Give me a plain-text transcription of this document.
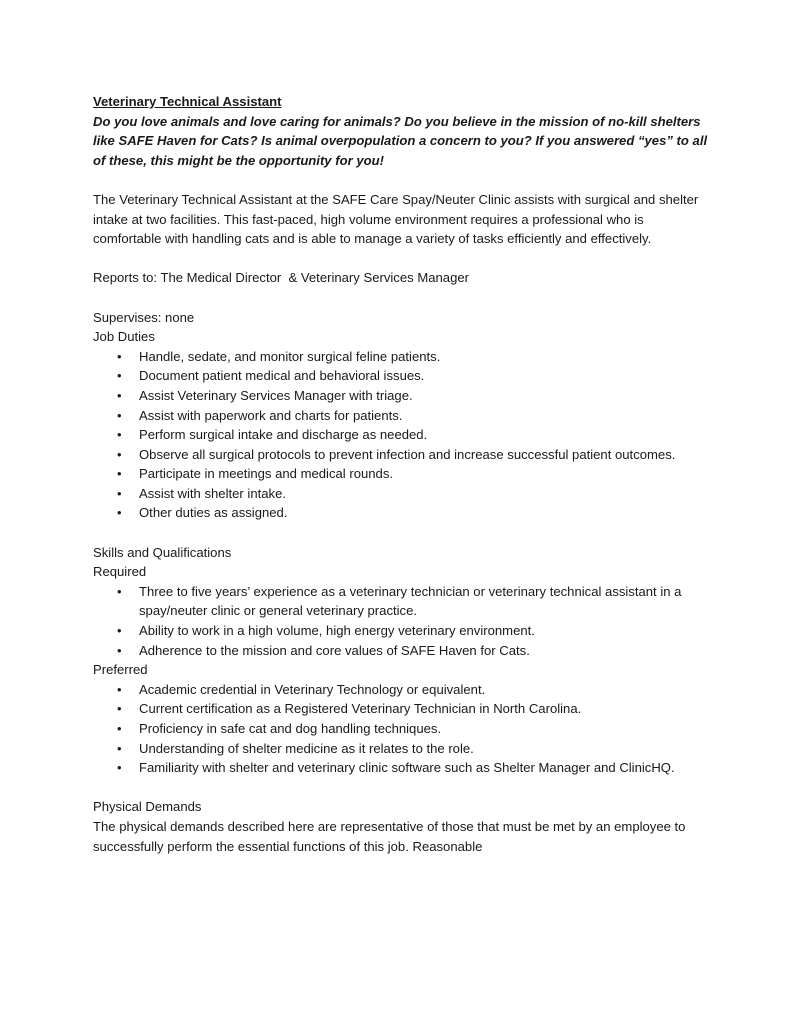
Veterinary Technical Assistant

Do you love animals and love caring for animals? Do you believe in the mission of no-kill shelters like SAFE Haven for Cats? Is animal overpopulation a concern to you? If you answered “yes” to all of these, this might be the opportunity for you!

The Veterinary Technical Assistant at the SAFE Care Spay/Neuter Clinic assists with surgical and shelter intake at two facilities. This fast-paced, high volume environment requires a professional who is comfortable with handling cats and is able to manage a variety of tasks efficiently and effectively.

Reports to: The Medical Director  & Veterinary Services Manager

Supervises: none

Job Duties

• Handle, sedate, and monitor surgical feline patients.
• Document patient medical and behavioral issues.
• Assist Veterinary Services Manager with triage.
• Assist with paperwork and charts for patients.
• Perform surgical intake and discharge as needed.
• Observe all surgical protocols to prevent infection and increase successful patient outcomes.
• Participate in meetings and medical rounds.
• Assist with shelter intake.
• Other duties as assigned.

Skills and Qualifications

Required

• Three to five years’ experience as a veterinary technician or veterinary technical assistant in a spay/neuter clinic or general veterinary practice.
• Ability to work in a high volume, high energy veterinary environment.
• Adherence to the mission and core values of SAFE Haven for Cats.

Preferred

• Academic credential in Veterinary Technology or equivalent.
• Current certification as a Registered Veterinary Technician in North Carolina.
• Proficiency in safe cat and dog handling techniques.
• Understanding of shelter medicine as it relates to the role.
• Familiarity with shelter and veterinary clinic software such as Shelter Manager and ClinicHQ.

Physical Demands

The physical demands described here are representative of those that must be met by an employee to successfully perform the essential functions of this job. Reasonable
